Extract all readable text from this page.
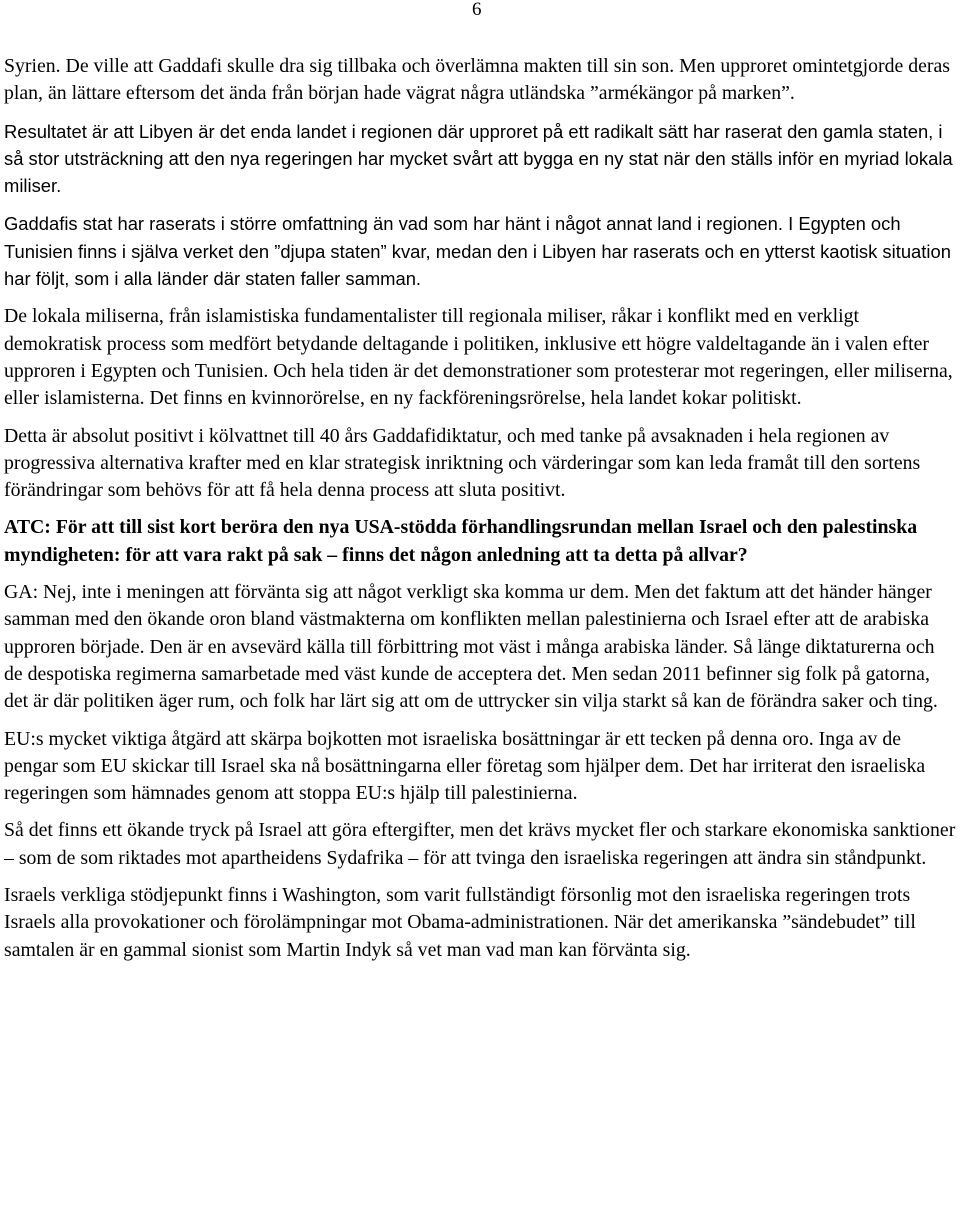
6

Syrien. De ville att Gaddafi skulle dra sig tillbaka och överlämna makten till sin son. Men upproret omintetgjorde deras plan, än lättare eftersom det ända från början hade vägrat några utländska ”armékängor på marken”.

Resultatet är att Libyen är det enda landet i regionen där upproret på ett radikalt sätt har raserat den gamla staten, i så stor utsträckning att den nya regeringen har mycket svårt att bygga en ny stat när den ställs inför en myriad lokala miliser.

Gaddafis stat har raserats i större omfattning än vad som har hänt i något annat land i regionen. I Egypten och Tunisien finns i själva verket den ”djupa staten” kvar, medan den i Libyen har raserats och en ytterst kaotisk situation har följt, som i alla länder där staten faller samman.

De lokala miliserna, från islamistiska fundamentalister till regionala miliser, råkar i konflikt med en verkligt demokratisk process som medfört betydande deltagande i politiken, inklusive ett högre valdeltagande än i valen efter upproren i Egypten och Tunisien. Och hela tiden är det demonstrationer som protesterar mot regeringen, eller miliserna, eller islamisterna. Det finns en kvinnorörelse, en ny fackföreningsrörelse, hela landet kokar politiskt.

Detta är absolut positivt i kölvattnet till 40 års Gaddafidiktatur, och med tanke på avsaknaden i hela regionen av progressiva alternativa krafter med en klar strategisk inriktning och värderingar som kan leda framåt till den sortens förändringar som behövs för att få hela denna process att sluta positivt.

ATC: För att till sist kort beröra den nya USA-stödda förhandlingsrundan mellan Israel och den palestinska myndigheten: för att vara rakt på sak – finns det någon anledning att ta detta på allvar?

GA: Nej, inte i meningen att förvänta sig att något verkligt ska komma ur dem. Men det faktum att det händer hänger samman med den ökande oron bland västmakterna om konflikten mellan palestinierna och Israel efter att de arabiska upproren började. Den är en avsevärd källa till förbittring mot väst i många arabiska länder. Så länge diktaturerna och de despotiska regimerna samarbetade med väst kunde de acceptera det. Men sedan 2011 befinner sig folk på gatorna, det är där politiken äger rum, och folk har lärt sig att om de uttrycker sin vilja starkt så kan de förändra saker och ting.

EU:s mycket viktiga åtgärd att skärpa bojkotten mot israeliska bosättningar är ett tecken på denna oro. Inga av de pengar som EU skickar till Israel ska nå bosättningarna eller företag som hjälper dem. Det har irriterat den israeliska regeringen som hämnades genom att stoppa EU:s hjälp till palestinierna.

Så det finns ett ökande tryck på Israel att göra eftergifter, men det krävs mycket fler och starkare ekonomiska sanktioner – som de som riktades mot apartheidens Sydafrika – för att tvinga den israeliska regeringen att ändra sin ståndpunkt.

Israels verkliga stödjepunkt finns i Washington, som varit fullständigt försonlig mot den israeliska regeringen trots Israels alla provokationer och förolämpningar mot Obama-administrationen. När det amerikanska ”sändebudet” till samtalen är en gammal sionist som Martin Indyk så vet man vad man kan förvänta sig.
